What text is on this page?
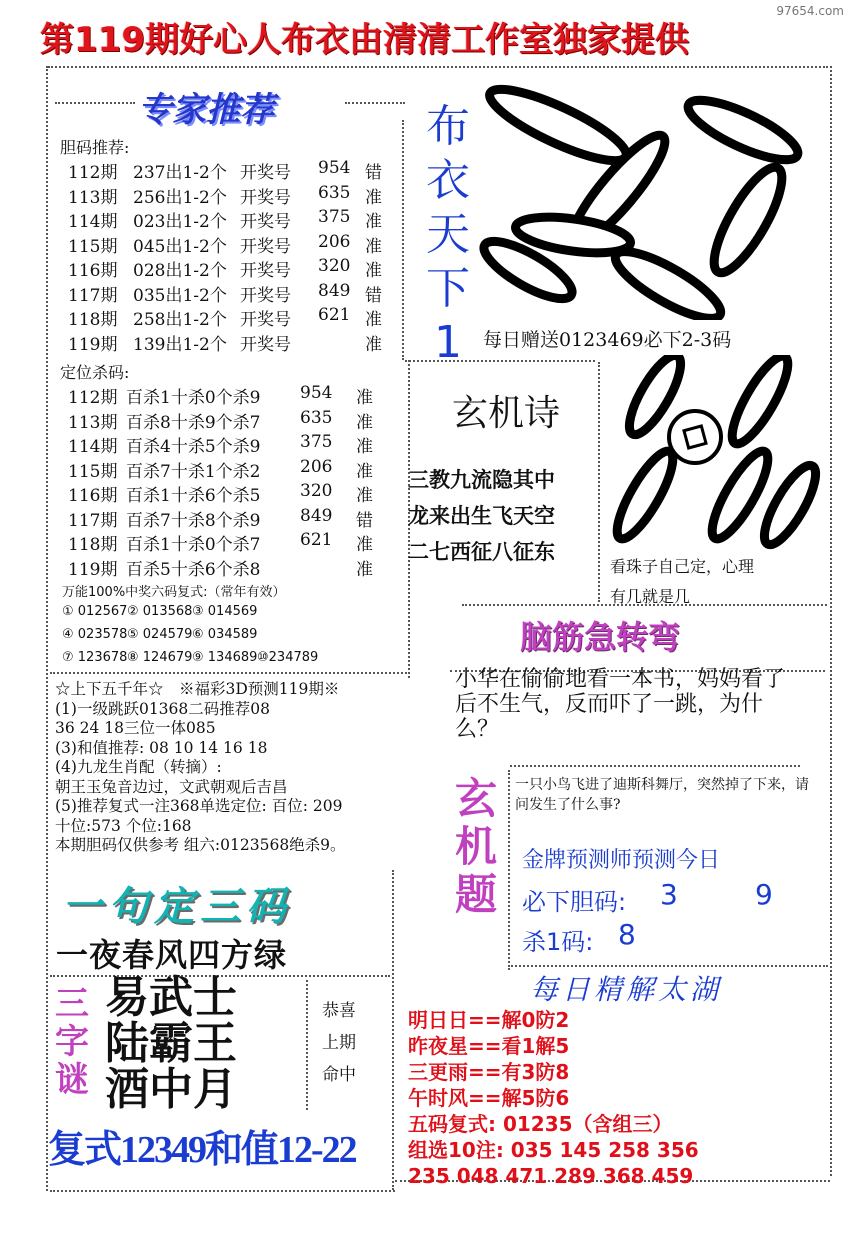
97654.com
第119期好心人布衣由清清工作室独家提供
专家推荐
胆码推荐:
112期 237出1-2个 开奖号 954 错
113期 256出1-2个 开奖号 635 准
114期 023出1-2个 开奖号 375 准
115期 045出1-2个 开奖号 206 准
116期 028出1-2个 开奖号 320 准
117期 035出1-2个 开奖号 849 错
118期 258出1-2个 开奖号 621 准
119期 139出1-2个 开奖号	准
定位杀码:
112期 百杀1十杀0个杀9 954 准
113期 百杀8十杀9个杀7 635 准
114期 百杀4十杀5个杀9 375 准
115期 百杀7十杀1个杀2 206 准
116期 百杀1十杀6个杀5 320 准
117期 百杀7十杀8个杀9 849 错
118期 百杀1十杀0个杀7 621 准
119期 百杀5十杀6个杀8	准
万能100%中奖六码复式:（常年有效）
① 012567 ② 013568 ③ 014569
④ 023578 ⑤ 024579 ⑥ 034589
⑦ 123678 ⑧ 124679 ⑨ 134689 ⑩234789
☆上下五千年☆　※福彩3D预测119期※
(1)一级跳跃01368二码推荐08
36 24 18三位一体085
(3)和值推荐: 08 10 14 16 18
(4)九龙生肖配（转摘）:
朝王玉兔音边过，文武朝观后吉昌
(5)推荐复式一注368单选定位: 百位: 209
十位:573 个位:168
本期胆码仅供参考 组六:0123568绝杀9。
一句定三码
一夜春风四方绿
三
字
谜
易武士
陆霸王
酒中月
恭喜
上期
命中
复式12349和值12-22
布
衣
天
下
1	每日赠送0123469必下2-3码
玄机诗
三教九流隐其中
龙来出生飞天空
二七西征八征东
看珠子自己定，心理
有几就是几
脑筋急转弯
小华在偷偷地看一本书，妈妈看了后不生气，反而吓了一跳，为什么？
玄
机
题
一只小鸟飞进了迪斯科舞厅，突然掉了下来，请问发生了什么事?
金牌预测师预测今日
必下胆码: 3	9
杀1码: 8
每日精解太湖
明日日==解0防2
昨夜星==看1解5
三更雨==有3防8
午时风==解5防6
五码复式: 01235（含组三）
组选10注: 035 145 258 356
235 048 471 289 368 459
